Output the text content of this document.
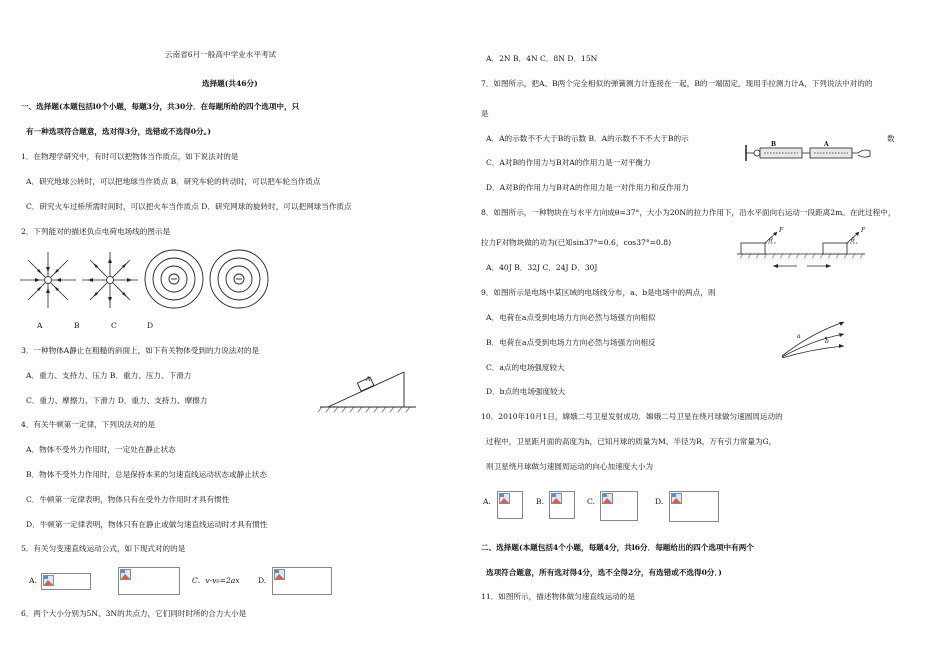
云南省6月一般高中学业水平考试
选择题(共46分)
一、选择题(本题包括l0个小题，每题3分，共30分．在每题所给的四个选项中，只
有一种选项符合题意，选对得3分，选错或不选得0分。)
1．在物理学研究中，有时可以把物体当作质点，如下说法对的是
A．研究地球公转时，可以把地球当作质点 B．研究车轮的转动时，可以把车轮当作质点
C．研究火车过桥所需时间时，可以把火车当作质点 D．研究网球的旋转时，可以把网球当作质点
2．下列能对的描述负点电荷电场线的图示是
A	B	C	D
3．一种物体A静止在粗糙的斜面上，如下有关物体受到的力说法对的是
A．重力、支持力、压力 B．重力、压力、下滑力
C．重力、摩擦力、下滑力 D．重力、支持力、摩擦力
A
4．有关牛顿第一定律，下列说法对的是
A．物体不受外力作用时，一定处在静止状态
B．物体不受外力作用时，总是保持本来的匀速直线运动状态或静止状态
C．牛顿第一定律表明，物体只有在受外力作用时才具有惯性
D．牛顿第一定律表明，物体只有在静止或做匀速直线运动时才具有惯性
5．有关匀变速直线运动公式，如下现式对的的是
A.	C．v-v₀=2ax D.
6．两个大小分别为5N、3N的共点力，它们同时时所的合力大小是
A．2N B．4N C．8N D．15N
7．如图所示，把A、B两个完全相似的弹簧测力计连接在一起，B的一端固定，现用手拉测力计A，下列说法中对的的
是
A．A的示数不不大于B的示数 B．A的示数不不不大于B的示	数
C．A对B的作用力与B对A的作用力是一对平衡力
D．A对B的作用力与B对A的作用力是一对作用力和反作用力
B	A
8．如图所示，一种物块在与水平方向成θ=37°，大小为20N的拉力作用下，沿水平面向右运动一段距离2m。在此过程中，
拉力F对物块做的功为(已知sin37°=0.6，cos37°=0.8)
A．40J B．32J C．24J D．30J
F
θ
F
θ
9．如图所示是电场中某区域的电场线分布，a、b是电场中的两点，则
A．电荷在a点受到电场力方向必然与场强方向相似
B．电荷在a点受到电场力方向必然与场强方向相反
C．a点的电场强度较大
D．b点的电场强度较大
a
b
10．2010年10月1日，嫦娥二号卫星发射成功．嫦娥二号卫星在绕月球做匀速圆周运动的
过程中，卫星距月面的高度为h，已知月球的质量为M、半径为R，万有引力常量为G，
则卫星绕月球做匀速圆周运动的向心加速度大小为
A.	B.	C.	D.
二、选择题(本题包括4个小题，每题4分，共l6分．每题给出的四个选项中有两个
选项符合题意，所有选对得4分，选不全得2分，有选错或不选得0分．)
11．如图所示，描述物体做匀速直线运动的是
